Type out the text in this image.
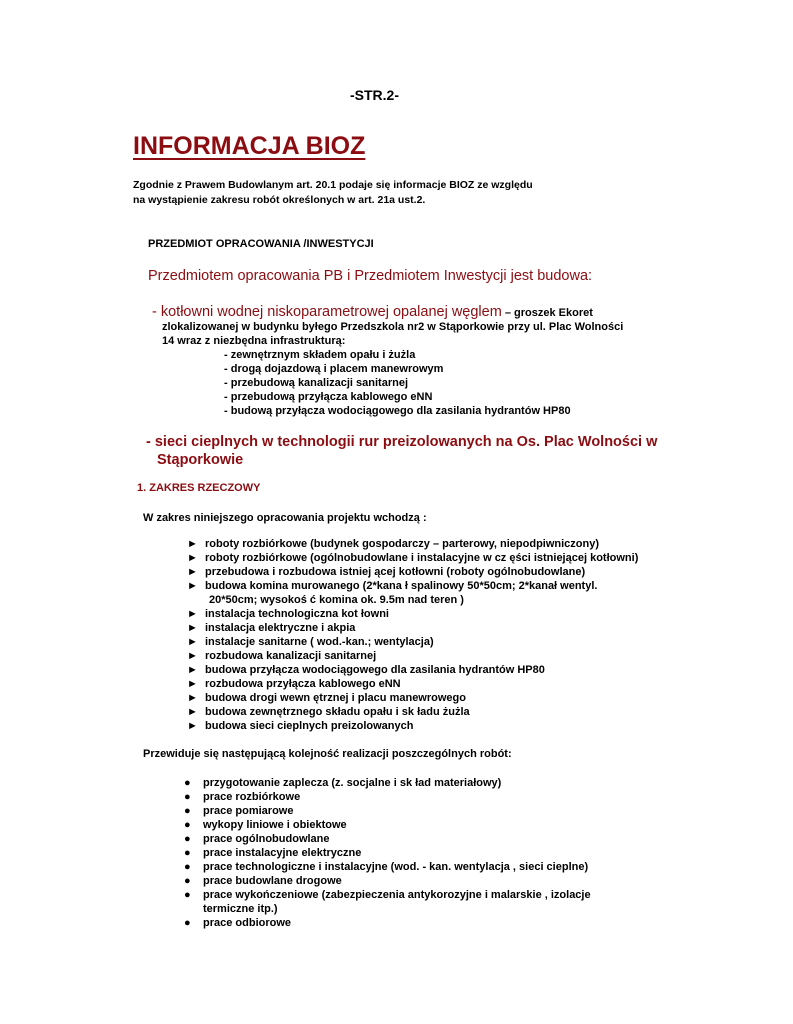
-STR.2-
INFORMACJA BIOZ
Zgodnie z Prawem Budowlanym art. 20.1 podaje się informacje BIOZ ze względu
na wystąpienie zakresu robót określonych w art. 21a ust.2.
PRZEDMIOT OPRACOWANIA /INWESTYCJI
Przedmiotem opracowania PB i Przedmiotem Inwestycji jest budowa:
- kotłowni wodnej niskoparametrowej opalanej węglem – groszek Ekoret
zlokalizowanej w budynku byłego Przedszkola nr2 w Stąporkowie przy ul. Plac Wolności
14 wraz z niezbędna infrastrukturą:
- zewnętrznym składem opału i żużla
- drogą dojazdową i placem manewrowym
- przebudową kanalizacji sanitarnej
- przebudową przyłącza kablowego eNN
- budową przyłącza wodociągowego dla zasilania hydrantów HP80
- sieci cieplnych w technologii rur preizolowanych na Os. Plac Wolności w
Stąporkowie
1. ZAKRES RZECZOWY
W zakres niniejszego opracowania projektu wchodzą :
► roboty rozbiórkowe (budynek gospodarczy – parterowy, niepodpiwniczony)
► roboty rozbiórkowe (ogólnobudowlane i instalacyjne w cz ęści istniejącej kotłowni)
► przebudowa i rozbudowa istniej ącej kotłowni (roboty ogólnobudowlane)
► budowa komina murowanego (2*kana ł spalinowy 50*50cm; 2*kanał wentyl.
20*50cm; wysokoś ć komina ok. 9.5m nad teren )
► instalacja technologiczna kot łowni
► instalacja elektryczne i akpia
► instalacje sanitarne ( wod.-kan.; wentylacja)
► rozbudowa kanalizacji sanitarnej
► budowa przyłącza wodociągowego dla zasilania hydrantów HP80
► rozbudowa przyłącza kablowego eNN
► budowa drogi wewn ętrznej i placu manewrowego
► budowa zewnętrznego składu opału i sk ładu żużla
► budowa sieci cieplnych preizolowanych
Przewiduje się następującą kolejność realizacji poszczególnych robót:
● przygotowanie zaplecza (z. socjalne i sk ład materiałowy)
● prace rozbiórkowe
● prace pomiarowe
● wykopy liniowe i obiektowe
● prace ogólnobudowlane
● prace instalacyjne elektryczne
● prace technologiczne i instalacyjne (wod. - kan. wentylacja , sieci cieplne)
● prace budowlane drogowe
● prace wykończeniowe (zabezpieczenia antykorozyjne i malarskie , izolacje
termiczne itp.)
● prace odbiorowe
